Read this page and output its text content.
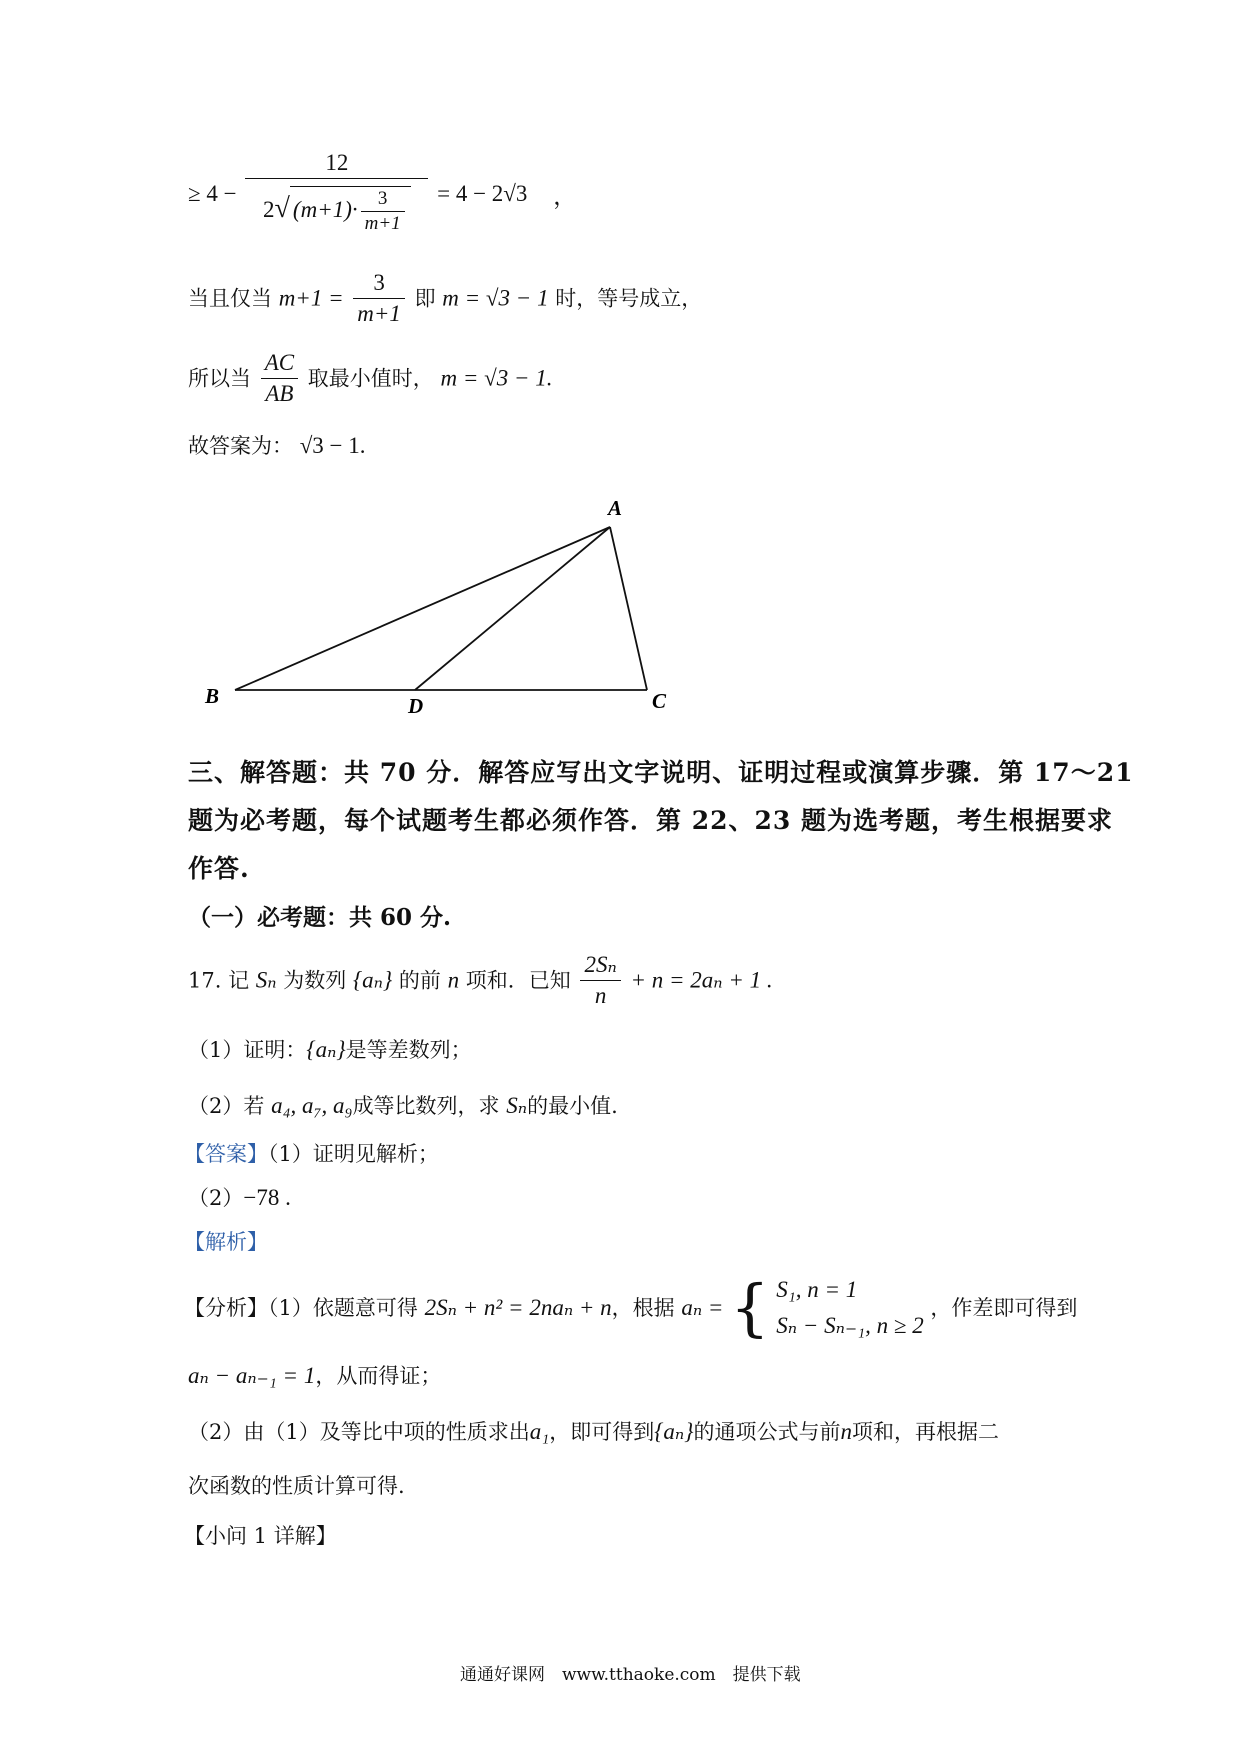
≥ $4 - \frac{12}{2√ (m+1)\cdot \frac{3}{m+1}} = 4 - 2√3$ ，
当且仅当 $m+1 = \frac{3}{m+1}$ 即 m = √3 − 1 时，等号成立，
所以当 $\frac{AC}{AB}$ 取最小值时， m = √3 − 1.
故答案为： √3 − 1.
A
B	D	C
三、解答题：共 70 分．解答应写出文字说明、证明过程或演算步骤．第 17～21
题为必考题，每个试题考生都必须作答．第 22、23 题为选考题，考生根据要求
作答.
（一）必考题：共 60 分.
17. 记 Sₙ 为数列 {aₙ} 的前 n 项和．已知 $\frac{\text{2Sₙ}}{n} + n = 2a_n + 1$ .
（1）证明：{aₙ}是等差数列；
（2）若 a₄, a₇, a₉成等比数列，求 Sₙ的最小值.
【答案】（1）证明见解析；
（2）−78 .
【解析】
【分析】（1）依题意可得 2Sₙ + n² = 2naₙ + n，根据 aₙ = { S₁, n = 1
Sₙ − Sₙ₋₁, n ≥ 2
，作差即可得到
aₙ − aₙ₋₁ = 1，从而得证；
（2）由（1）及等比中项的性质求出a₁，即可得到{aₙ}的通项公式与前n项和，再根据二
次函数的性质计算可得.
【小问 1 详解】
通通好课网　www.tthaoke.com　提供下载
